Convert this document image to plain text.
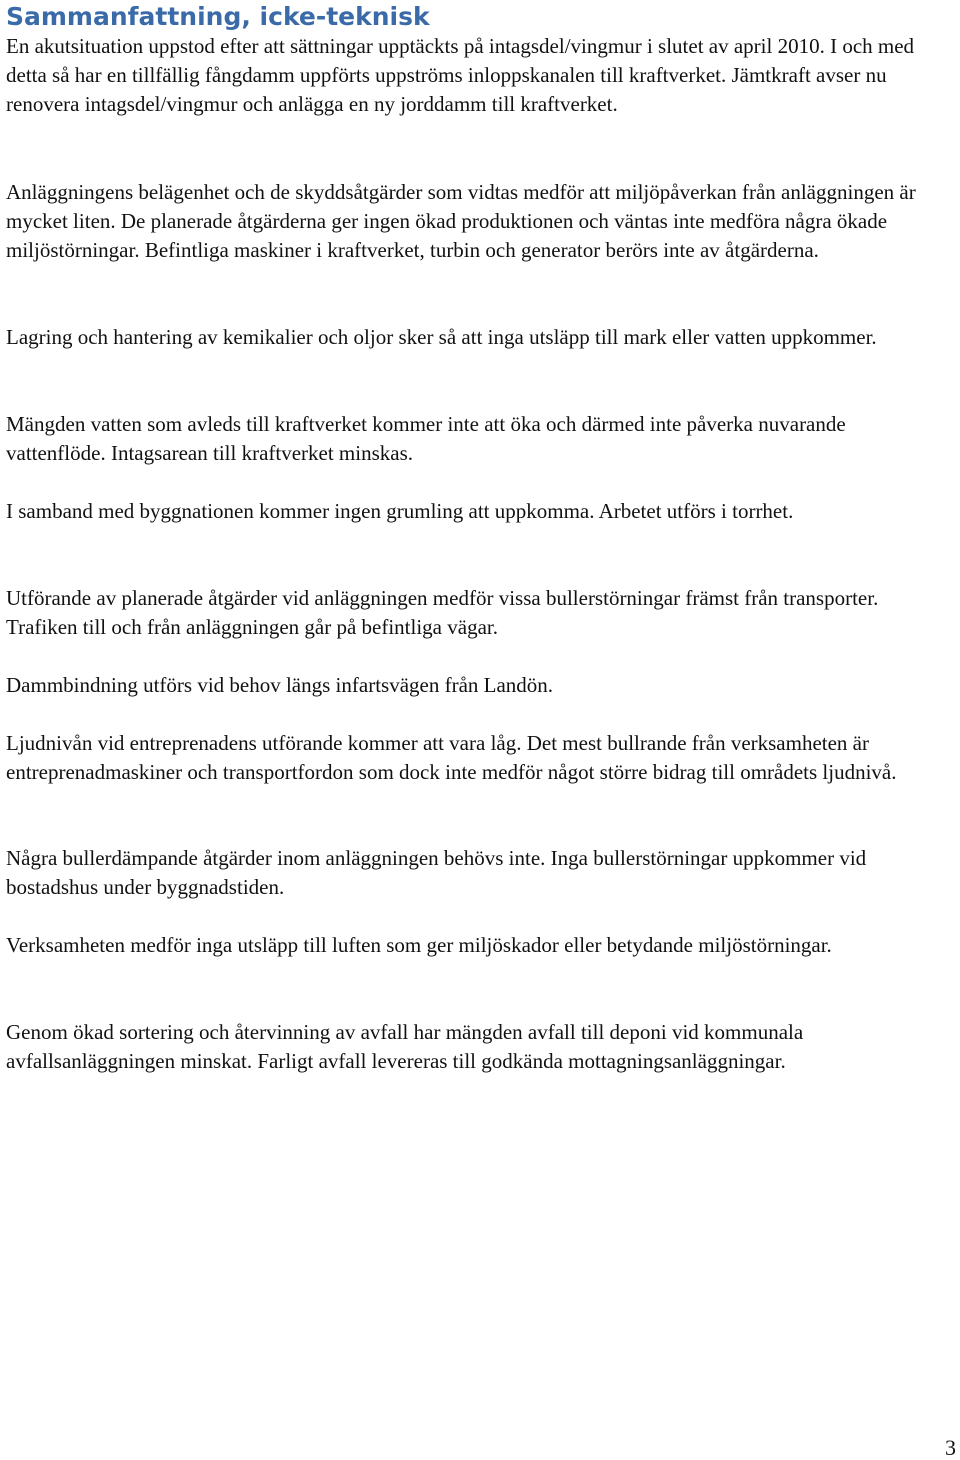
Sammanfattning, icke-teknisk

En akutsituation uppstod efter att sättningar upptäckts på intagsdel/vingmur i slutet av april 2010. I och med detta så har en tillfällig fångdamm uppförts uppströms inloppskanalen till kraftverket. Jämtkraft avser nu renovera intagsdel/vingmur och anlägga en ny jorddamm till kraftverket.

Anläggningens belägenhet och de skyddsåtgärder som vidtas medför att miljöpåverkan från anläggningen är mycket liten. De planerade åtgärderna ger ingen ökad produktionen och väntas inte medföra några ökade miljöstörningar. Befintliga maskiner i kraftverket, turbin och generator berörs inte av åtgärderna.

Lagring och hantering av kemikalier och oljor sker så att inga utsläpp till mark eller vatten uppkommer.

Mängden vatten som avleds till kraftverket kommer inte att öka och därmed inte påverka nuvarande vattenflöde. Intagsarean till kraftverket minskas.

I samband med byggnationen kommer ingen grumling att uppkomma. Arbetet utförs i torrhet.

Utförande av planerade åtgärder vid anläggningen medför vissa bullerstörningar främst från transporter. Trafiken till och från anläggningen går på befintliga vägar.

Dammbindning utförs vid behov längs infartsvägen från Landön.

Ljudnivån vid entreprenadens utförande kommer att vara låg. Det mest bullrande från verksamheten är entreprenadmaskiner och transportfordon som dock inte medför något större bidrag till områdets ljudnivå.

Några bullerdämpande åtgärder inom anläggningen behövs inte. Inga bullerstörningar uppkommer vid bostadshus under byggnadstiden.

Verksamheten medför inga utsläpp till luften som ger miljöskador eller betydande miljöstörningar.

Genom ökad sortering och återvinning av avfall har mängden avfall till deponi vid kommunala avfallsanläggningen minskat. Farligt avfall levereras till godkända mottagningsanläggningar.

3
